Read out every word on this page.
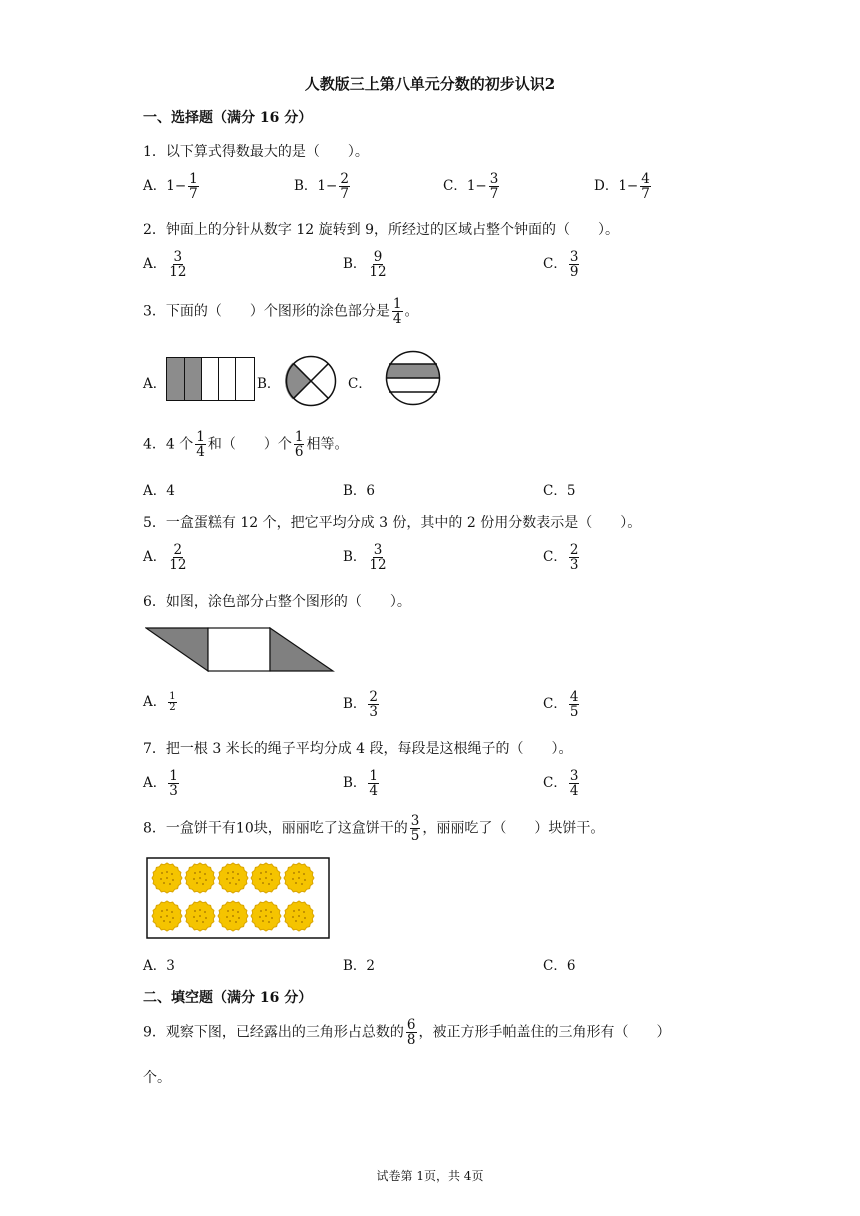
人教版三上第八单元分数的初步认识2
一、选择题（满分 16 分）
1．以下算式得数最大的是（　　）。
A．$1- \frac{1}{7}$	B．$1- \frac{2}{7}$	C．$1- \frac{3}{7}$	D．$1- \frac{4}{7}$
2．钟面上的分针从数字 12 旋转到 9，所经过的区域占整个钟面的（　　）。
A． $\frac{3}{12}$	B． $\frac{9}{12}$	C． $\frac{3}{9}$
3．下面的（　　）个图形的涂色部分是 $\frac{1}{4}$ 。
A．	B．	C．
4．4 个 $\frac{1}{4}$ 和（　　）个 $\frac{1}{6}$ 相等。
A．4	B．6	C．5
5．一盒蛋糕有 12 个，把它平均分成 3 份，其中的 2 份用分数表示是（　　）。
A． $\frac{2}{12}$	B． $\frac{3}{12}$	C． $\frac{2}{3}$
6．如图，涂色部分占整个图形的（　　）。
A． $\frac{1}{2}$	B． $\frac{2}{3}$	C． $\frac{4}{5}$
7．把一根 3 米长的绳子平均分成 4 段，每段是这根绳子的（　　）。
A． $\frac{1}{3}$	B． $\frac{1}{4}$	C． $\frac{3}{4}$
8．一盒饼干有10块，丽丽吃了这盒饼干的 $\frac{3}{5}$ ，丽丽吃了（　　）块饼干。
A．3	B．2	C．6
二、填空题（满分 16 分）
9．观察下图，已经露出的三角形占总数的 $\frac{6}{8}$ ，被正方形手帕盖住的三角形有（　　）
个。
试卷第 1页，共 4页
